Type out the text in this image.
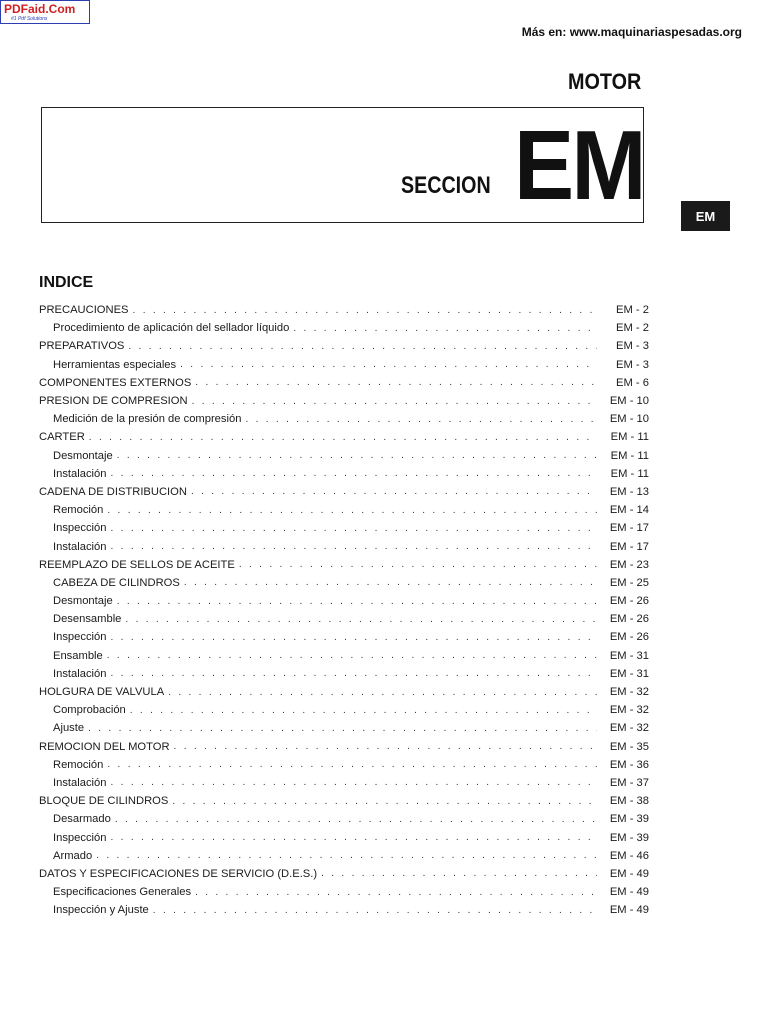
PDFaid.Com
#1 Pdf Solutions
Más en: www.maquinariaspesadas.org
MOTOR
SECCION EM	EM
INDICE
PRECAUCIONES . . .	EM - 2
Procedimiento de aplicación del sellador líquido . . .	EM - 2
PREPARATIVOS . . .	EM - 3
Herramientas especiales . . .	EM - 3
COMPONENTES EXTERNOS . . .	EM - 6
PRESION DE COMPRESION . . .	EM - 10
Medición de la presión de compresión . . .	EM - 10
CARTER . . .	EM - 11
Desmontaje . . .	EM - 11
Instalación . . .	EM - 11
CADENA DE DISTRIBUCION . . .	EM - 13
Remoción . . .	EM - 14
Inspección . . .	EM - 17
Instalación . . .	EM - 17
REEMPLAZO DE SELLOS DE ACEITE . . .	EM - 23
CABEZA DE CILINDROS . . .	EM - 25
Desmontaje . . .	EM - 26
Desensamble . . .	EM - 26
Inspección . . .	EM - 26
Ensamble . . .	EM - 31
Instalación . . .	EM - 31
HOLGURA DE VALVULA . . .	EM - 32
Comprobación . . .	EM - 32
Ajuste . . .	EM - 32
REMOCION DEL MOTOR . . .	EM - 35
Remoción . . .	EM - 36
Instalación . . .	EM - 37
BLOQUE DE CILINDROS . . .	EM - 38
Desarmado . . .	EM - 39
Inspección . . .	EM - 39
Armado . . .	EM - 46
DATOS Y ESPECIFICACIONES DE SERVICIO (D.E.S.) . . .	EM - 49
Especificaciones Generales . . .	EM - 49
Inspección y Ajuste . . .	EM - 49
